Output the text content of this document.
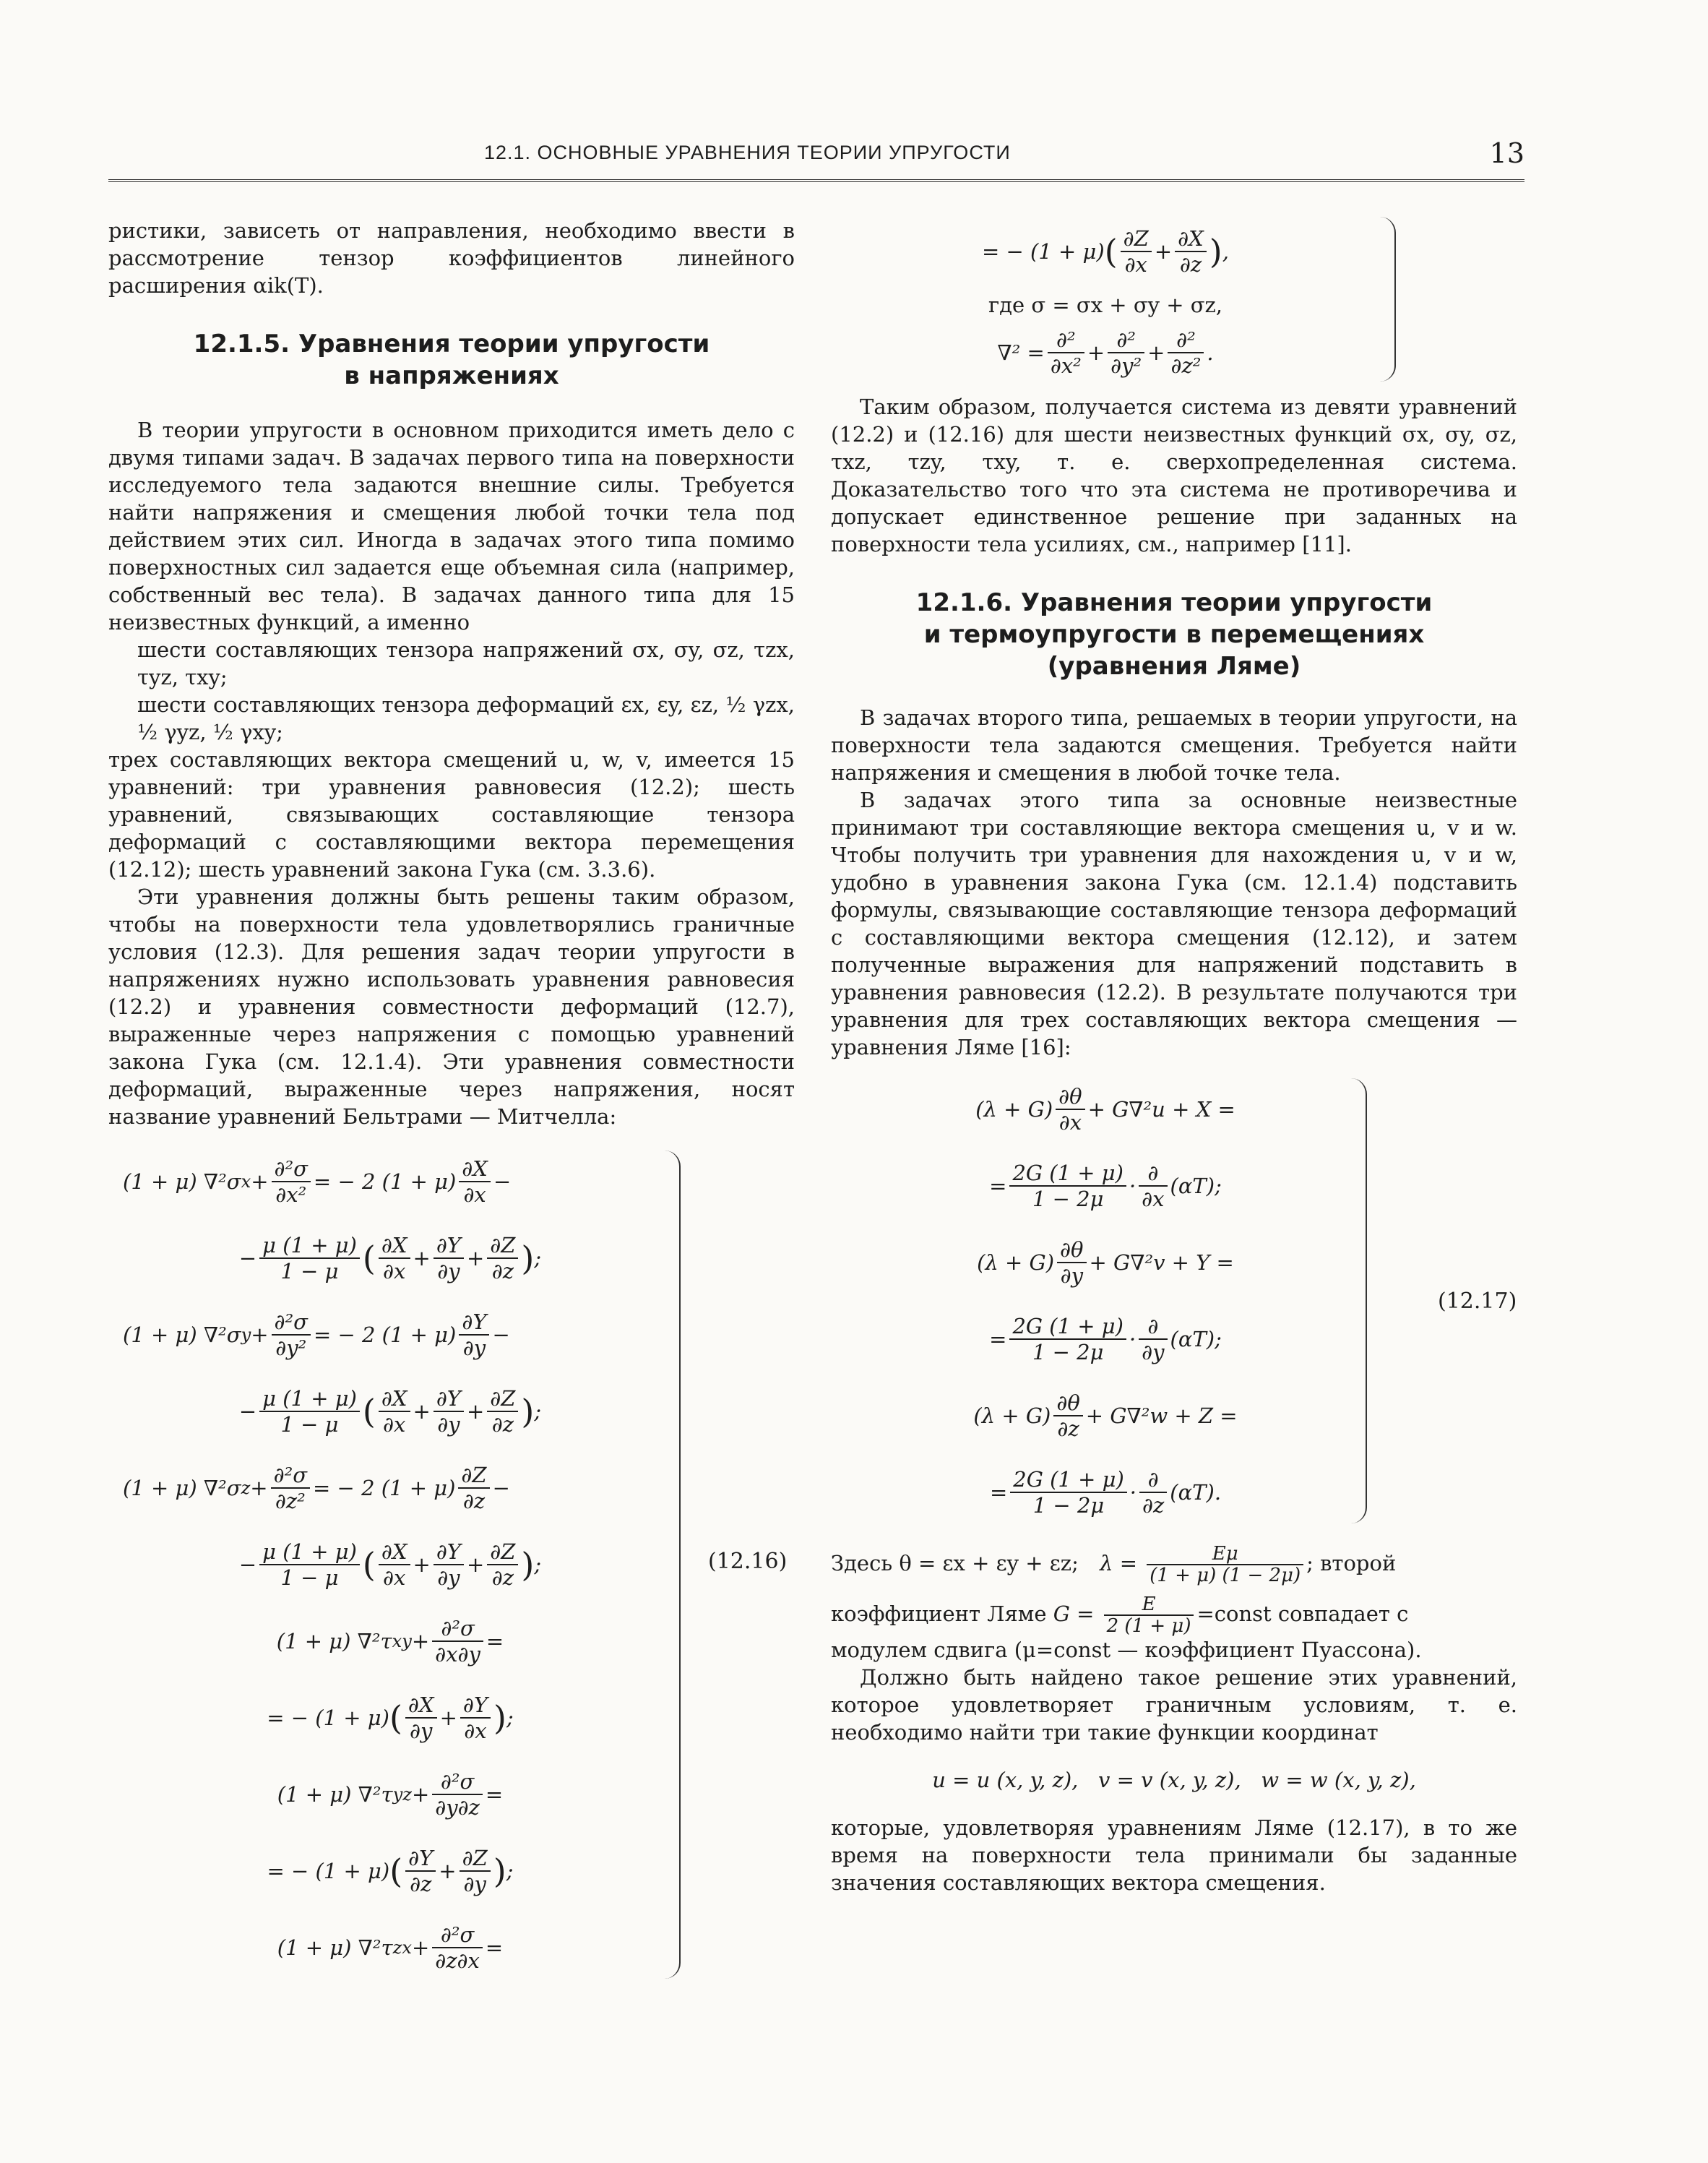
12.1. ОСНОВНЫЕ УРАВНЕНИЯ ТЕОРИИ УПРУГОСТИ	13

ристики, зависеть от направления, необходимо ввести в рассмотрение тензор коэффициентов линейного расширения αik(T).

12.1.5. Уравнения теории упругости
в напряжениях

В теории упругости в основном приходится иметь дело с двумя типами задач. В задачах первого типа на поверхности исследуемого тела задаются внешние силы. Требуется найти напряжения и смещения любой точки тела под действием этих сил. Иногда в задачах этого типа помимо поверхностных сил задается еще объемная сила (например, собственный вес тела). В задачах данного типа для 15 неизвестных функций, а именно

шести составляющих тензора напряжений σx, σy, σz, τzx, τyz, τxy;

шести составляющих тензора деформаций εx, εy, εz, ½ γzx, ½ γyz, ½ γxy;

трех составляющих вектора смещений u, w, v, имеется 15 уравнений: три уравнения равновесия (12.2); шесть уравнений, связывающих составляющие тензора деформаций с составляющими вектора перемещения (12.12); шесть уравнений закона Гука (см. 3.3.6).

Эти уравнения должны быть решены таким образом, чтобы на поверхности тела удовлетворялись граничные условия (12.3). Для решения задач теории упругости в напряжениях нужно использовать уравнения равновесия (12.2) и уравнения совместности деформаций (12.7), выраженные через напряжения с помощью уравнений закона Гука (см. 12.1.4). Эти уравнения совместности деформаций, выраженные через напряжения, носят название уравнений Бельтрами — Митчелла:

(1 + μ) ∇²σ $x + \frac{\text{∂²σ}}{\text{∂x²}}$ = − 2 $(1 + \mu) \frac{\partial X}{\partial x}$ −
− $\frac{\mu (1 + \mu)}{1 - \mu}$ ( $\frac{\partial X}{\partial x} + \frac{\partial Y}{\partial y} + \frac{\partial Z}{\partial z}$ ) ;
(1 + μ) ∇²σ $y + \frac{\text{∂²σ}}{\text{∂y²}}$ = − 2 $(1 + \mu) \frac{\partial Y}{\partial y}$ −
− $\frac{\mu (1 + \mu)}{1 - \mu}$ ( $\frac{\partial X}{\partial x} + \frac{\partial Y}{\partial y} + \frac{\partial Z}{\partial z}$ ) ;
(1 + μ) ∇²σ $z + \frac{\text{∂²σ}}{\text{∂z²}}$ = − 2 $(1 + \mu) \frac{\partial Z}{\partial z}$ −
− $\frac{\mu (1 + \mu)}{1 - \mu}$ ( $\frac{\partial X}{\partial x} + \frac{\partial Y}{\partial y} + \frac{\partial Z}{\partial z}$ ) ;
(1 + μ) ∇²τ xy + $\frac{\text{∂²σ}}{\partial x\partial y}$ =
= − (1 + μ) ( $\frac{\partial X}{\partial y} + \frac{\partial Y}{\partial x}$ ) ;
(1 + μ) ∇²τ yz + $\frac{\text{∂²σ}}{\partial y\partial z}$ =
= − (1 + μ) ( $\frac{\partial Y}{\partial z} + \frac{\partial Z}{\partial y}$ ) ;
(1 + μ) ∇²τ zx + $\frac{\text{∂²σ}}{\partial z\partial x}$ =
(12.16)
= − (1 + μ) ( $\frac{\partial Z}{\partial x} + \frac{\partial X}{\partial z}$ ) ,
где σ = σx + σy + σz,
$\nabla^2 = \frac{\text{∂²}}{\text{∂x²}} + \frac{\text{∂²}}{\text{∂y²}} + \frac{\text{∂²}}{\text{∂z²}}$ .

Таким образом, получается система из девяти уравнений (12.2) и (12.16) для шести неизвестных функций σx, σy, σz, τxz, τzy, τxy, т. е. сверхопределенная система. Доказательство того что эта система не противоречива и допускает единственное решение при заданных на поверхности тела усилиях, см., например [11].

12.1.6. Уравнения теории упругости
и термоупругости в перемещениях
(уравнения Ляме)

В задачах второго типа, решаемых в теории упругости, на поверхности тела задаются смещения. Требуется найти напряжения и смещения в любой точке тела.

В задачах этого типа за основные неизвестные принимают три составляющие вектора смещения u, v и w. Чтобы получить три уравнения для нахождения u, v и w, удобно в уравнения закона Гука (см. 12.1.4) подставить формулы, связывающие составляющие тензора деформаций с составляющими вектора смещения (12.12), и затем полученные выражения для напряжений подставить в уравнения равновесия (12.2). В результате получаются три уравнения для трех составляющих вектора смещения — уравнения Ляме [16]:

$(\lambda + G) \frac{\partial\theta}{\partial x} + G\nabla^2u + X$ =
= $\frac{2G (1 + \mu)}{1 - 2\mu} \cdot \frac{\partial}{\partial x} (\alpha T)$;
$(\lambda + G) \frac{\partial\theta}{\partial y} + G\nabla^2v + Y$ =
= $\frac{2G (1 + \mu)}{1 - 2\mu} \cdot \frac{\partial}{\partial y} (\alpha T)$;
$(\lambda + G) \frac{\partial\theta}{\partial z} + G\nabla^2w + Z$ =
= $\frac{2G (1 + \mu)}{1 - 2\mu} \cdot \frac{\partial}{\partial z} (\alpha T)$.
(12.17)
Здесь θ = εx + εy + εz; $\lambda = \frac{E\mu}{(1 + \mu) (1 - 2\mu)}$ ; второй
коэффициент Ляме $G = \frac{E}{2 (1 + \mu)}$ =const совпадает с

модулем сдвига (μ=const — коэффициент Пуассона).

Должно быть найдено такое решение этих уравнений, которое удовлетворяет граничным условиям, т. е. необходимо найти три такие функции координат

u = u (x, y, z),   v = v (x, y, z),   w = w (x, y, z),

которые, удовлетворяя уравнениям Ляме (12.17), в то же время на поверхности тела принимали бы заданные значения составляющих вектора смещения.
